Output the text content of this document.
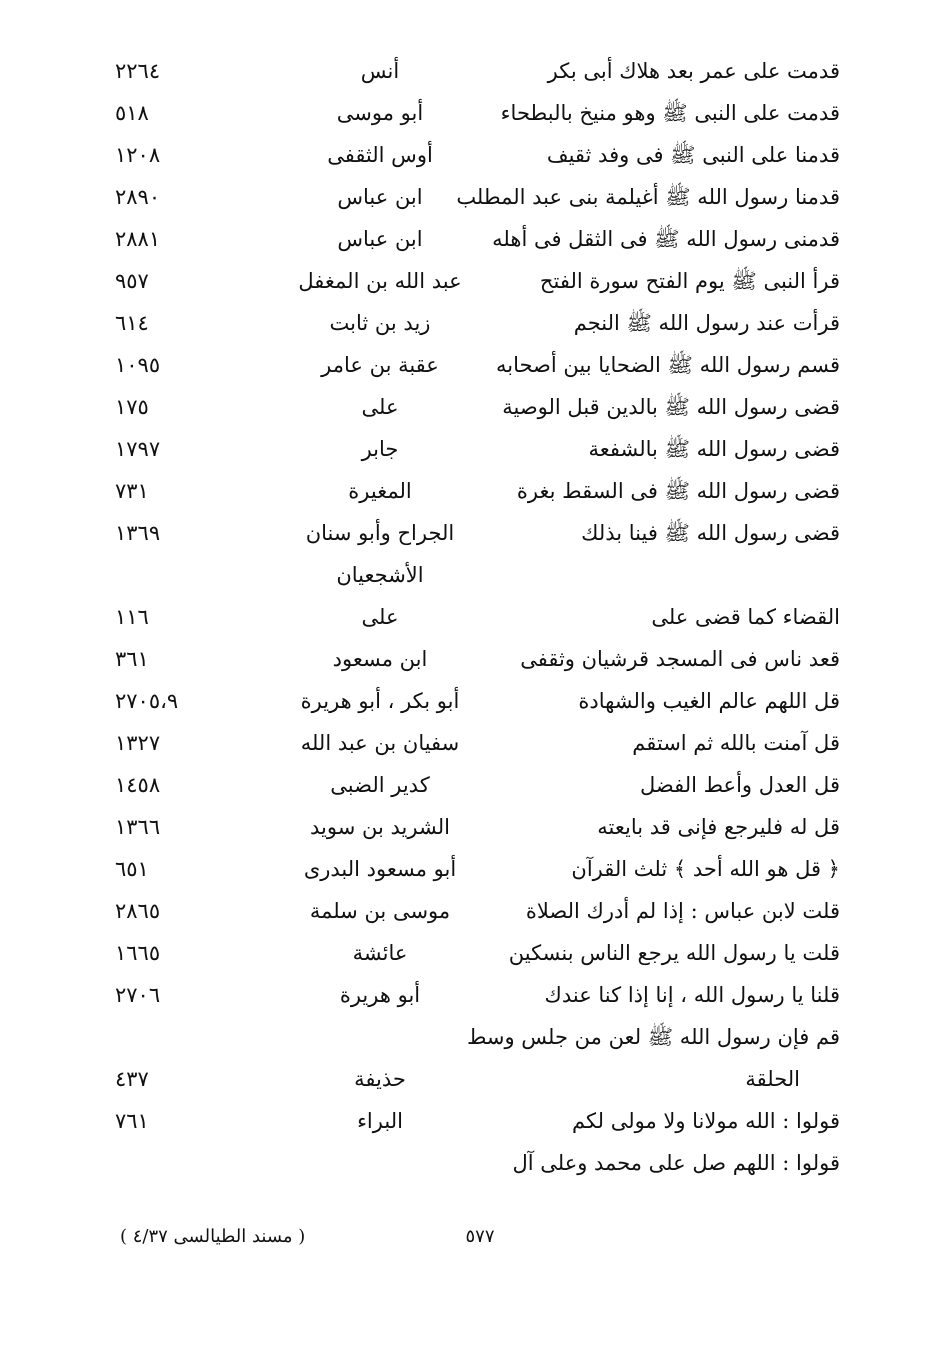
قدمت على عمر بعد هلاك أبى بكر
أنس
٢٢٦٤
قدمت على النبى ﷺ وهو منيخ بالبطحاء
أبو موسى
٥١٨
قدمنا على النبى ﷺ فى وفد ثقيف
أوس الثقفى
١٢٠٨
قدمنا رسول الله ﷺ أغيلمة بنى عبد المطلب
ابن عباس
٢٨٩٠
قدمنى رسول الله ﷺ فى الثقل فى أهله
ابن عباس
٢٨٨١
قرأ النبى ﷺ يوم الفتح سورة الفتح
عبد الله بن المغفل
٩٥٧
قرأت عند رسول الله ﷺ النجم
زيد بن ثابت
٦١٤
قسم رسول الله ﷺ الضحايا بين أصحابه
عقبة بن عامر
١٠٩٥
قضى رسول الله ﷺ بالدين قبل الوصية
على
١٧٥
قضى رسول الله ﷺ بالشفعة
جابر
١٧٩٧
قضى رسول الله ﷺ فى السقط بغرة
المغيرة
٧٣١
قضى رسول الله ﷺ فينا بذلك
الجراح وأبو سنان
١٣٦٩
الأشجعيان
القضاء كما قضى على
على
١١٦
قعد ناس فى المسجد قرشيان وثقفى
ابن مسعود
٣٦١
قل اللهم عالم الغيب والشهادة
أبو بكر ، أبو هريرة
٢٧٠٥،٩
قل آمنت بالله ثم استقم
سفيان بن عبد الله
١٣٢٧
قل العدل وأعط الفضل
كدير الضبى
١٤٥٨
قل له فليرجع فإنى قد بايعته
الشريد بن سويد
١٣٦٦
﴿ قل هو الله أحد ﴾ ثلث القرآن
أبو مسعود البدرى
٦٥١
قلت لابن عباس : إذا لم أدرك الصلاة
موسى بن سلمة
٢٨٦٥
قلت يا رسول الله يرجع الناس بنسكين
عائشة
١٦٦٥
قلنا يا رسول الله ، إنا إذا كنا عندك
أبو هريرة
٢٧٠٦
قم فإن رسول الله ﷺ لعن من جلس وسط
الحلقة
حذيفة
٤٣٧
قولوا : الله مولانا ولا مولى لكم
البراء
٧٦١
قولوا : اللهم صل على محمد وعلى آل
٥٧٧
( مسند الطيالسى ٤/٣٧ )
